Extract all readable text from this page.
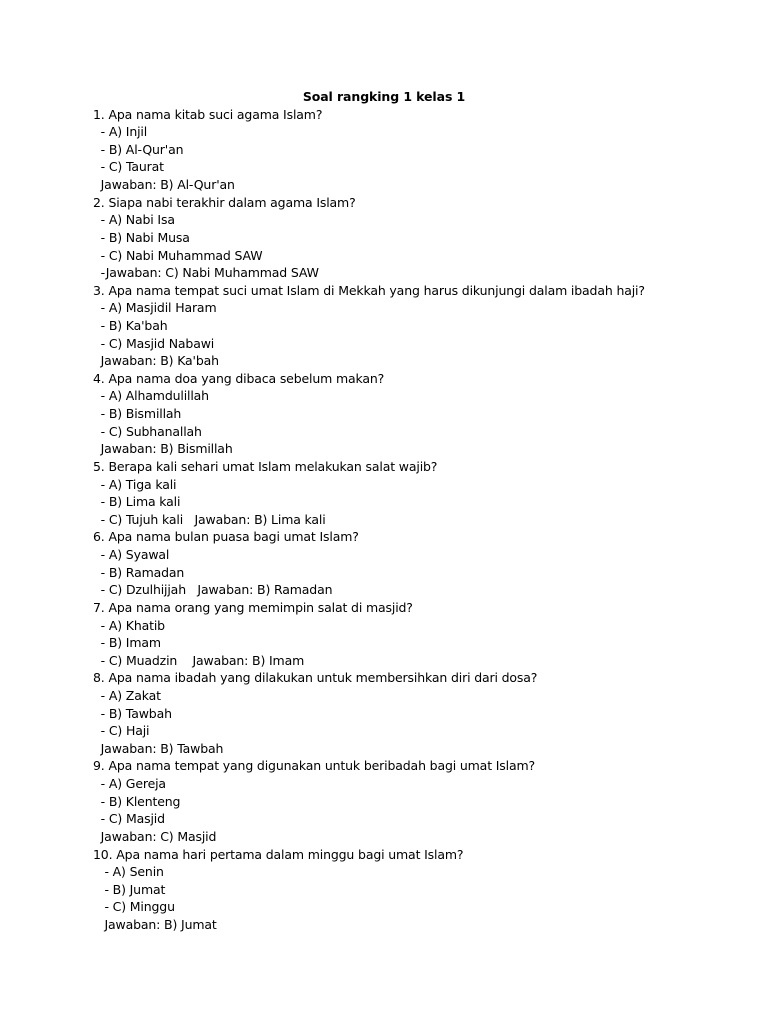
Soal rangking 1 kelas 1
1. Apa nama kitab suci agama Islam?
- A) Injil
- B) Al-Qur'an
- C) Taurat
Jawaban: B) Al-Qur'an
2. Siapa nabi terakhir dalam agama Islam?
- A) Nabi Isa
- B) Nabi Musa
- C) Nabi Muhammad SAW
-Jawaban: C) Nabi Muhammad SAW
3. Apa nama tempat suci umat Islam di Mekkah yang harus dikunjungi dalam ibadah haji?
- A) Masjidil Haram
- B) Ka'bah
- C) Masjid Nabawi
Jawaban: B) Ka'bah
4. Apa nama doa yang dibaca sebelum makan?
- A) Alhamdulillah
- B) Bismillah
- C) Subhanallah
Jawaban: B) Bismillah
5. Berapa kali sehari umat Islam melakukan salat wajib?
- A) Tiga kali
- B) Lima kali
- C) Tujuh kali   Jawaban: B) Lima kali
6. Apa nama bulan puasa bagi umat Islam?
- A) Syawal
- B) Ramadan
- C) Dzulhijjah   Jawaban: B) Ramadan
7. Apa nama orang yang memimpin salat di masjid?
- A) Khatib
- B) Imam
- C) Muadzin    Jawaban: B) Imam
8. Apa nama ibadah yang dilakukan untuk membersihkan diri dari dosa?
- A) Zakat
- B) Tawbah
- C) Haji
Jawaban: B) Tawbah
9. Apa nama tempat yang digunakan untuk beribadah bagi umat Islam?
- A) Gereja
- B) Klenteng
- C) Masjid
Jawaban: C) Masjid
10. Apa nama hari pertama dalam minggu bagi umat Islam?
- A) Senin
- B) Jumat
- C) Minggu
Jawaban: B) Jumat
